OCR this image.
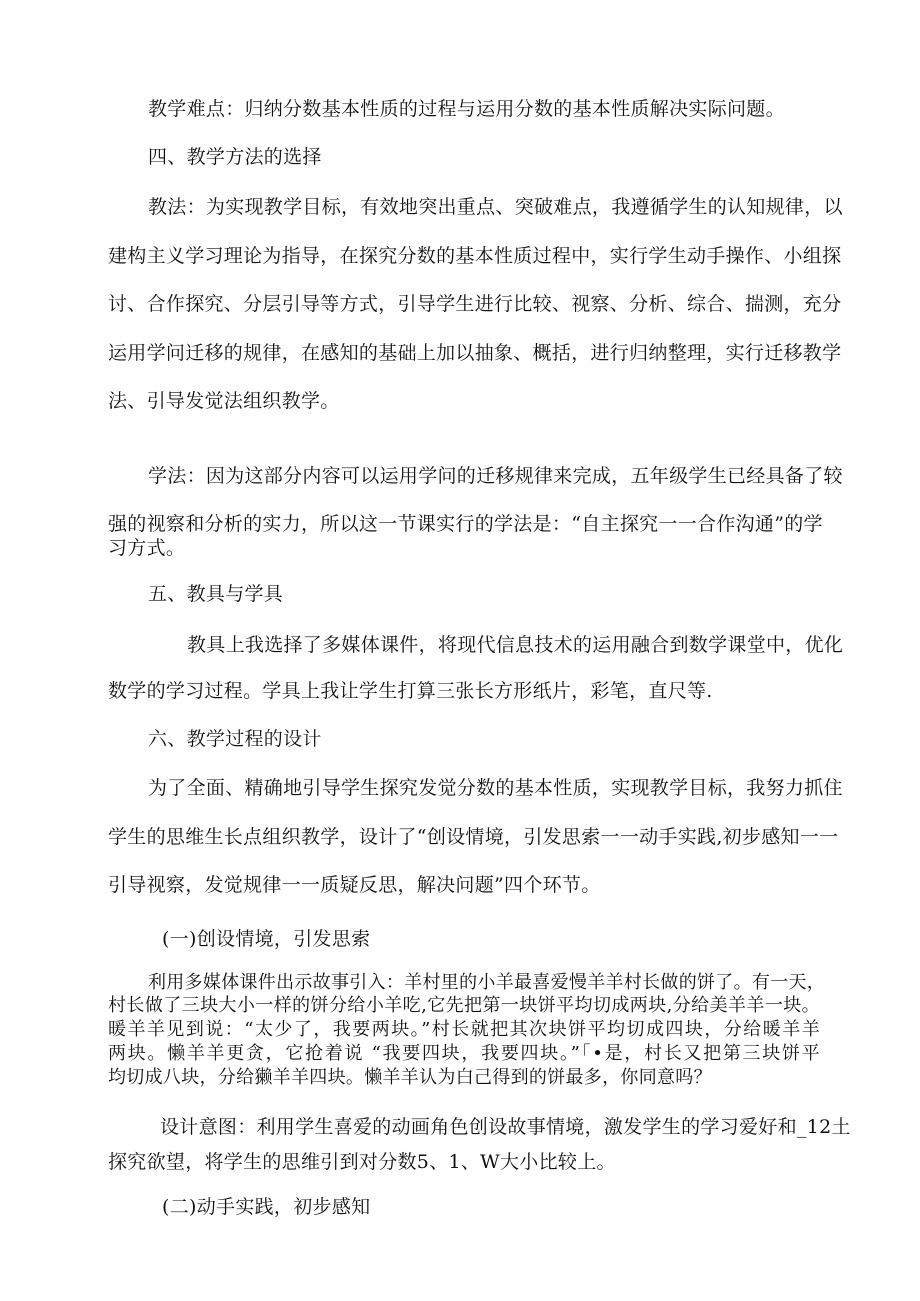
教学难点：归纳分数基本性质的过程与运用分数的基本性质解决实际问题。
四、教学方法的选择
教法：为实现教学目标，有效地突出重点、突破难点，我遵循学生的认知规律，以
建构主义学习理论为指导，在探究分数的基本性质过程中，实行学生动手操作、小组探
讨、合作探究、分层引导等方式，引导学生进行比较、视察、分析、综合、揣测，充分
运用学问迁移的规律，在感知的基础上加以抽象、概括，进行归纳整理，实行迁移教学
法、引导发觉法组织教学。
学法：因为这部分内容可以运用学问的迁移规律来完成，五年级学生已经具备了较
强的视察和分析的实力，所以这一节课实行的学法是：“自主探究一一合作沟通”的学
习方式。
五、教具与学具
教具上我选择了多媒体课件，将现代信息技术的运用融合到数学课堂中，优化
数学的学习过程。学具上我让学生打算三张长方形纸片，彩笔，直尺等.
六、教学过程的设计
为了全面、精确地引导学生探究发觉分数的基本性质，实现教学目标，我努力抓住
学生的思维生长点组织教学，设计了“创设情境，引发思索一一动手实践,初步感知一一
引导视察，发觉规律一一质疑反思，解决问题”四个环节。
(一)创设情境，引发思索
利用多媒体课件出示故事引入：羊村里的小羊最喜爱慢羊羊村长做的饼了。有一天，
村长做了三块大小一样的饼分给小羊吃,它先把第一块饼平均切成两块,分给美羊羊一块。
暖羊羊见到说：“太少了，我要两块。”村长就把其次块饼平均切成四块，分给暖羊羊
两块。懒羊羊更贪，它抢着说 “我要四块，我要四块。”「•是，村长又把第三块饼平
均切成八块，分给獭羊羊四块。懒羊羊认为白己得到的饼最多，你同意吗？
设计意图：利用学生喜爱的动画角色创设故事情境，激发学生的学习爱好和_12土
探究欲望，将学生的思维引到对分数5、1、W大小比较上。
(二)动手实践，初步感知
